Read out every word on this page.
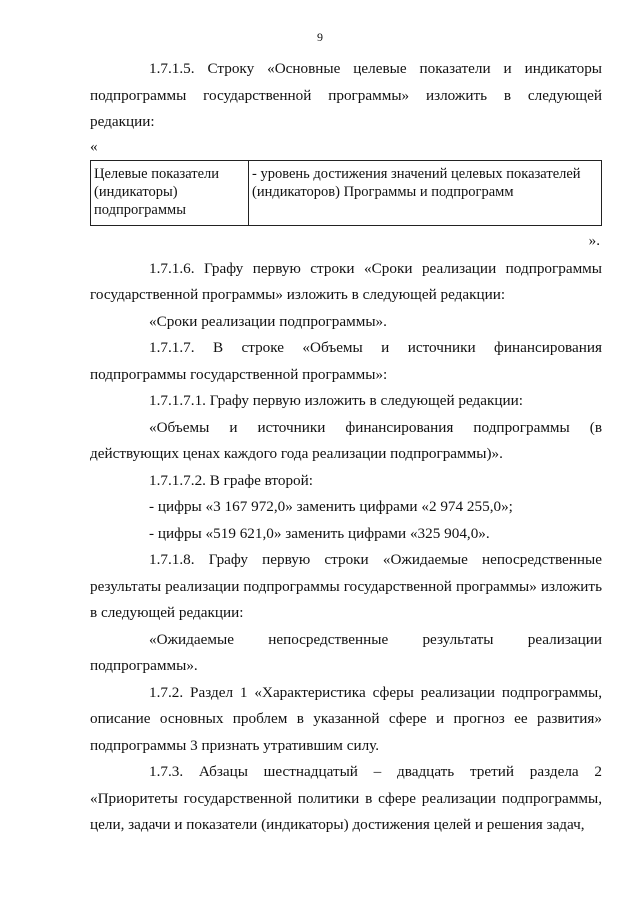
9

1.7.1.5. Строку «Основные целевые показатели и индикаторы подпрограммы государственной программы» изложить в следующей редакции:

«

Целевые показатели (индикаторы) подпрограммы	- уровень достижения значений целевых показателей (индикаторов) Программы и подпрограмм

».

1.7.1.6. Графу первую строки «Сроки реализации подпрограммы государственной программы» изложить в следующей редакции:

«Сроки реализации подпрограммы».

1.7.1.7. В строке «Объемы и источники финансирования подпрограммы государственной программы»:

1.7.1.7.1. Графу первую изложить в следующей редакции:

«Объемы и источники финансирования подпрограммы (в действующих ценах каждого года реализации подпрограммы)».

1.7.1.7.2. В графе второй:

- цифры «3 167 972,0» заменить цифрами «2 974 255,0»;

- цифры «519 621,0» заменить цифрами «325 904,0».

1.7.1.8. Графу первую строки «Ожидаемые непосредственные результаты реализации подпрограммы государственной программы» изложить в следующей редакции:

«Ожидаемые непосредственные результаты реализации подпрограммы».

1.7.2. Раздел 1 «Характеристика сферы реализации подпрограммы, описание основных проблем в указанной сфере и прогноз ее развития» подпрограммы 3 признать утратившим силу.

1.7.3. Абзацы шестнадцатый – двадцать третий раздела 2 «Приоритеты государственной политики в сфере реализации подпрограммы, цели, задачи и показатели (индикаторы) достижения целей и решения задач,
